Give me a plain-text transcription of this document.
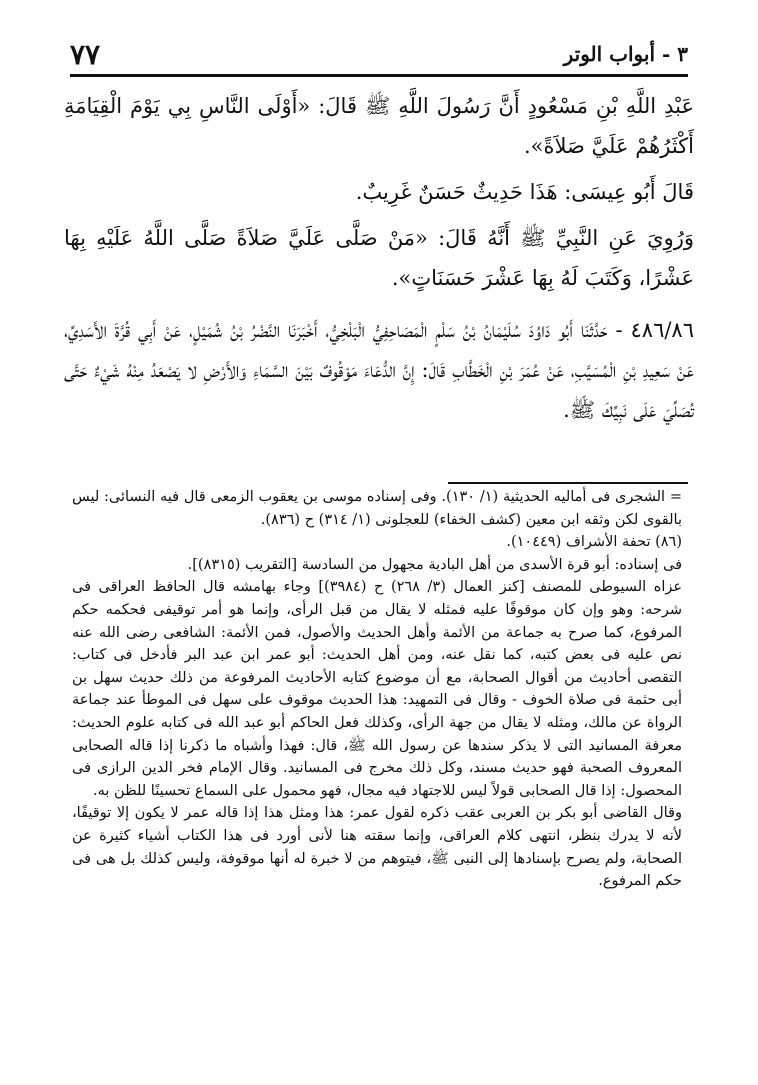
٧٧	٣ - أبواب الوتر

عَبْدِ اللَّهِ بْنِ مَسْعُودٍ أَنَّ رَسُولَ اللَّهِ ﷺ قَالَ: «أَوْلَى النَّاسِ بِي يَوْمَ الْقِيَامَةِ أَكْثَرُهُمْ عَلَيَّ صَلاَةً».

قَالَ أَبُو عِيسَى: هَذَا حَدِيثٌ حَسَنٌ غَرِيبٌ.

وَرُوِيَ عَنِ النَّبِيِّ ﷺ أَنَّهُ قَالَ: «مَنْ صَلَّى عَلَيَّ صَلاَةً صَلَّى اللَّهُ عَلَيْهِ بِهَا عَشْرًا، وَكَتَبَ لَهُ بِهَا عَشْرَ حَسَنَاتٍ».

٤٨٦/٨٦ - حَدَّثَنَا أَبُو دَاوُدَ سُلَيْمَانُ بْنُ سَلْمٍ الْمَصَاحِفِيُّ الْبَلْخِيُّ، أَخْبَرَنَا النَّضْرُ بْنُ شُمَيْلٍ، عَنْ أَبِي قُرَّةَ الأَسَدِيِّ، عَنْ سَعِيدِ بْنِ الْمُسَيَّبِ، عَنْ عُمَرَ بْنِ الْخَطَّابِ قَالَ: إِنَّ الدُّعَاءَ مَوْقُوفٌ بَيْنَ السَّمَاءِ وَالأَرْضِ لا يَصْعَدُ مِنْهُ شَيْءٌ حَتَّى تُصَلِّيَ عَلَى نَبِيِّكَ ﷺ.

= الشجرى فى أماليه الحديثية (١/ ١٣٠). وفى إسناده موسى بن يعقوب الزمعى قال فيه النسائى: ليس بالقوى لكن وثقه ابن معين (كشف الخفاء) للعجلونى (١/ ٣١٤) ح (٨٣٦).

(٨٦) تحفة الأشراف (١٠٤٤٩).

فى إسناده: أبو قرة الأسدى من أهل البادية مجهول من السادسة [التقريب (٨٣١٥)].

عزاه السيوطى للمصنف [كنز العمال (٣/ ٢٦٨) ح (٣٩٨٤)] وجاء بهامشه قال الحافظ العراقى فى شرحه: وهو وإن كان موقوفًا عليه فمثله لا يقال من قبل الرأى، وإنما هو أمر توقيفى فحكمه حكم المرفوع، كما صرح به جماعة من الأئمة وأهل الحديث والأصول، فمن الأئمة: الشافعى رضى الله عنه نص عليه فى بعض كتبه، كما نقل عنه، ومن أهل الحديث: أبو عمر ابن عبد البر فأدخل فى كتاب: التقصى أحاديث من أقوال الصحابة، مع أن موضوع كتابه الأحاديث المرفوعة من ذلك حديث سهل بن أبى حثمة فى صلاة الخوف - وقال فى التمهيد: هذا الحديث موقوف على سهل فى الموطأ عند جماعة الرواة عن مالك، ومثله لا يقال من جهة الرأى، وكذلك فعل الحاكم أبو عبد الله فى كتابه علوم الحديث: معرفة المسانيد التى لا يذكر سندها عن رسول الله ﷺ، قال: فهذا وأشباه ما ذكرنا إذا قاله الصحابى المعروف الصحبة فهو حديث مسند، وكل ذلك مخرج فى المسانيد. وقال الإمام فخر الدين الرازى فى المحصول: إذا قال الصحابى قولاً ليس للاجتهاد فيه مجال، فهو محمول على السماع تحسينًا للظن به.

وقال القاضى أبو بكر بن العربى عقب ذكره لقول عمر: هذا ومثل هذا إذا قاله عمر لا يكون إلا توقيفًا، لأنه لا يدرك بنظر، انتهى كلام العراقى، وإنما سقته هنا لأنى أورد فى هذا الكتاب أشياء كثيرة عن الصحابة، ولم يصرح بإسنادها إلى النبى ﷺ، فيتوهم من لا خبرة له أنها موقوفة، وليس كذلك بل هى فى حكم المرفوع.
